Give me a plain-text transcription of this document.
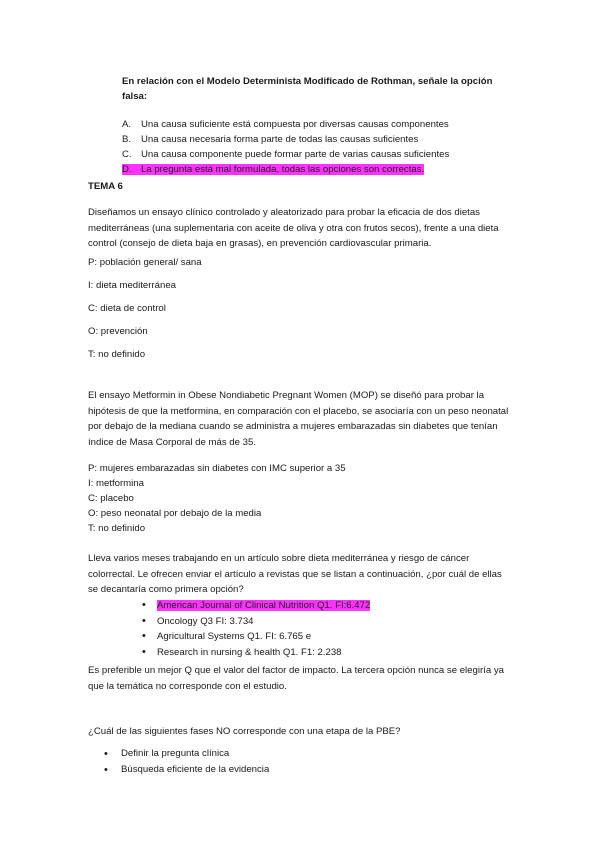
En relación con el Modelo Determinista Modificado de Rothman, señale la opción falsa:
A. Una causa suficiente está compuesta por diversas causas componentes
B. Una causa necesaria forma parte de todas las causas suficientes
C. Una causa componente puede formar parte de varias causas suficientes
D. La pregunta está mal formulada, todas las opciones son correctas.
TEMA 6
Diseñamos un ensayo clínico controlado y aleatorizado para probar la eficacia de dos dietas mediterráneas (una suplementaria con aceite de oliva y otra con frutos secos), frente a una dieta control (consejo de dieta baja en grasas), en prevención cardiovascular primaria.
P: población general/ sana
I: dieta mediterránea
C: dieta de control
O: prevención
T: no definido
El ensayo Metformin in Obese Nondiabetic Pregnant Women (MOP) se diseñó para probar la hipótesis de que la metformina, en comparación con el placebo, se asociaría con un peso neonatal por debajo de la mediana cuando se administra a mujeres embarazadas sin diabetes que tenían índice de Masa Corporal de más de 35.
P: mujeres embarazadas sin diabetes con IMC superior a 35
I: metformina
C: placebo
O: peso neonatal por debajo de la media
T: no definido
Lleva varios meses trabajando en un artículo sobre dieta mediterránea y riesgo de cáncer colorrectal. Le ofrecen enviar el artículo a revistas que se listan a continuación, ¿por cuál de ellas se decantaría como primera opción?
• American Journal of Clinical Nutrition Q1. FI:6.472
• Oncology Q3 FI: 3.734
• Agricultural Systems Q1. FI: 6.765 e
• Research in nursing & health Q1. F1: 2.238
Es preferible un mejor Q que el valor del factor de impacto. La tercera opción nunca se elegiría ya que la temática no corresponde con el estudio.
¿Cuál de las siguientes fases NO corresponde con una etapa de la PBE?
• Definir la pregunta clínica
• Búsqueda eficiente de la evidencia
